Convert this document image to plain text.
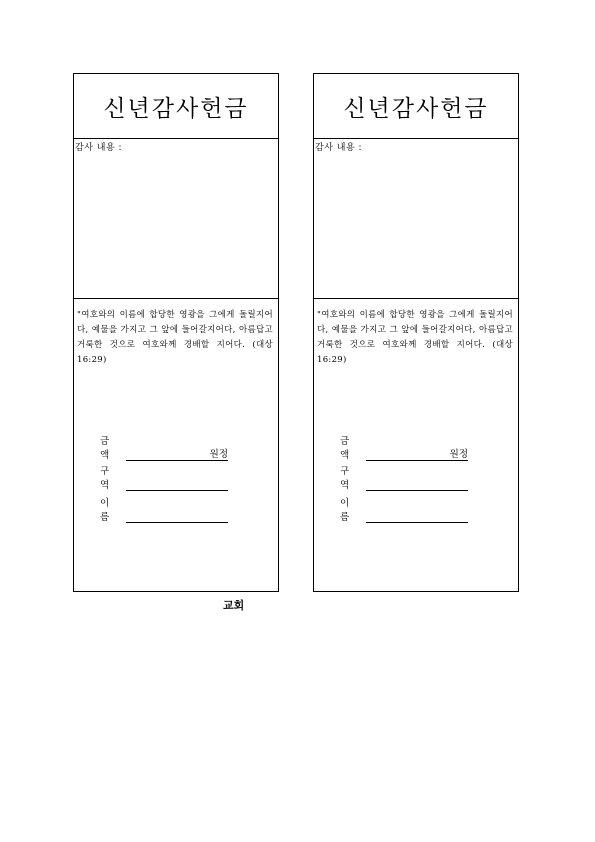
신년감사헌금
감사 내용 :
"여호와의 이름에 합당한 영광을 그에게 돌릴지어다, 예물을 가지고 그 앞에 들어갈지어다, 아름답고 거룩한 것으로 여호와께 경배할 지어다. (대상 16:29)
금 액	원정
구 역
이 름
신년감사헌금
감사 내용 :
"여호와의 이름에 합당한 영광을 그에게 돌릴지어다, 예물을 가지고 그 앞에 들어갈지어다, 아름답고 거룩한 것으로 여호와께 경배할 지어다. (대상 16:29)
금 액	원정
구 역
이 름
교회
